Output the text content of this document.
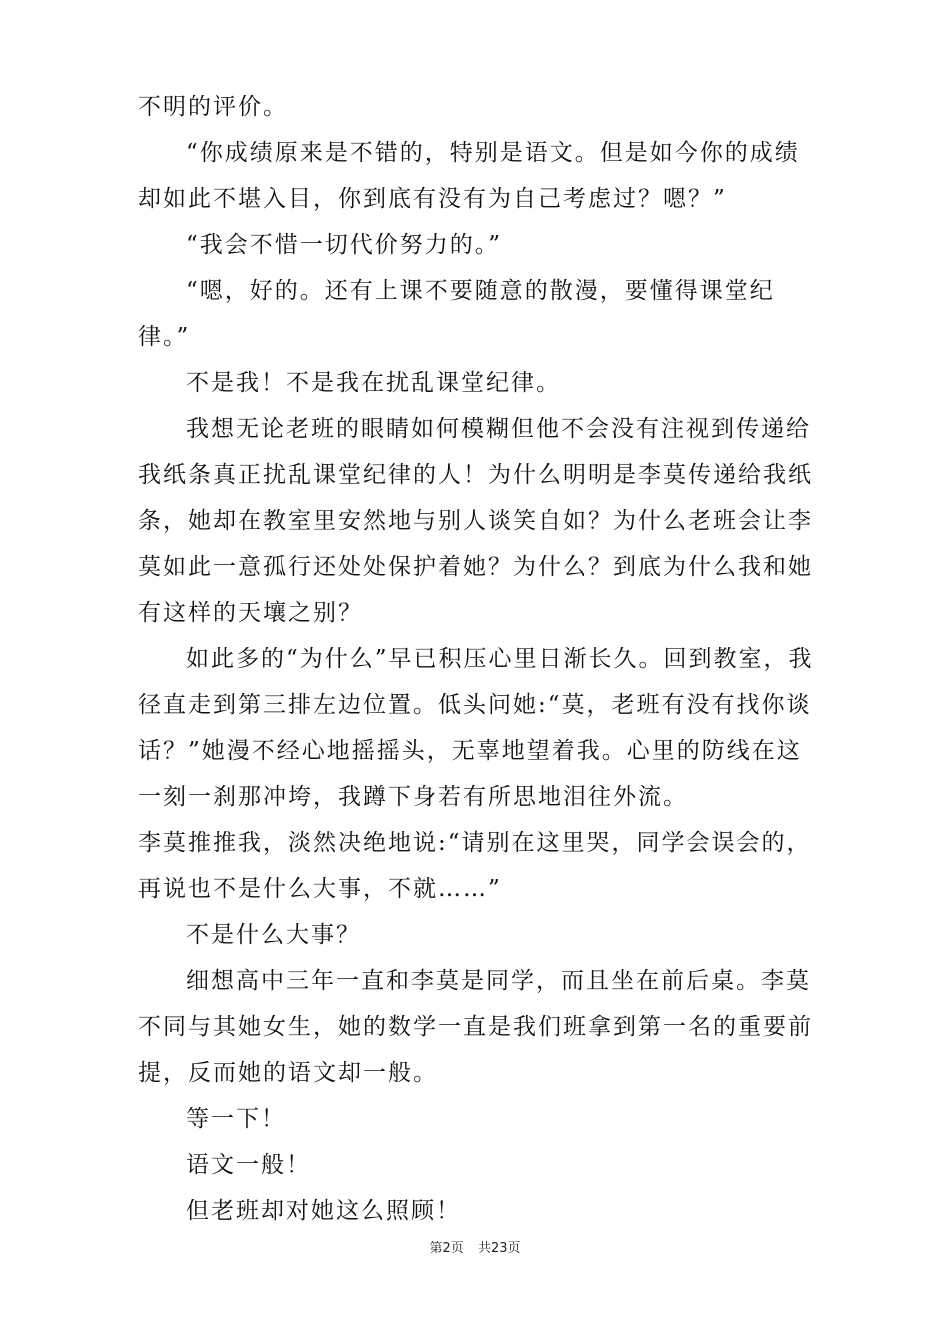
不明的评价。

“你成绩原来是不错的，特别是语文。但是如今你的成绩却如此不堪入目，你到底有没有为自己考虑过？嗯？”

“我会不惜一切代价努力的。”

“嗯，好的。还有上课不要随意的散漫，要懂得课堂纪律。”

不是我！不是我在扰乱课堂纪律。

我想无论老班的眼睛如何模糊但他不会没有注视到传递给我纸条真正扰乱课堂纪律的人！为什么明明是李莫传递给我纸条，她却在教室里安然地与别人谈笑自如？为什么老班会让李莫如此一意孤行还处处保护着她？为什么？到底为什么我和她有这样的天壤之别？

如此多的“为什么”早已积压心里日渐长久。回到教室，我径直走到第三排左边位置。低头问她:“莫，老班有没有找你谈话？”她漫不经心地摇摇头，无辜地望着我。心里的防线在这一刻一刹那冲垮，我蹲下身若有所思地泪往外流。

李莫推推我，淡然决绝地说:“请别在这里哭，同学会误会的，再说也不是什么大事，不就……”

不是什么大事？

细想高中三年一直和李莫是同学，而且坐在前后桌。李莫不同与其她女生，她的数学一直是我们班拿到第一名的重要前提，反而她的语文却一般。

等一下！

语文一般！

但老班却对她这么照顾！

第2页 共23页
